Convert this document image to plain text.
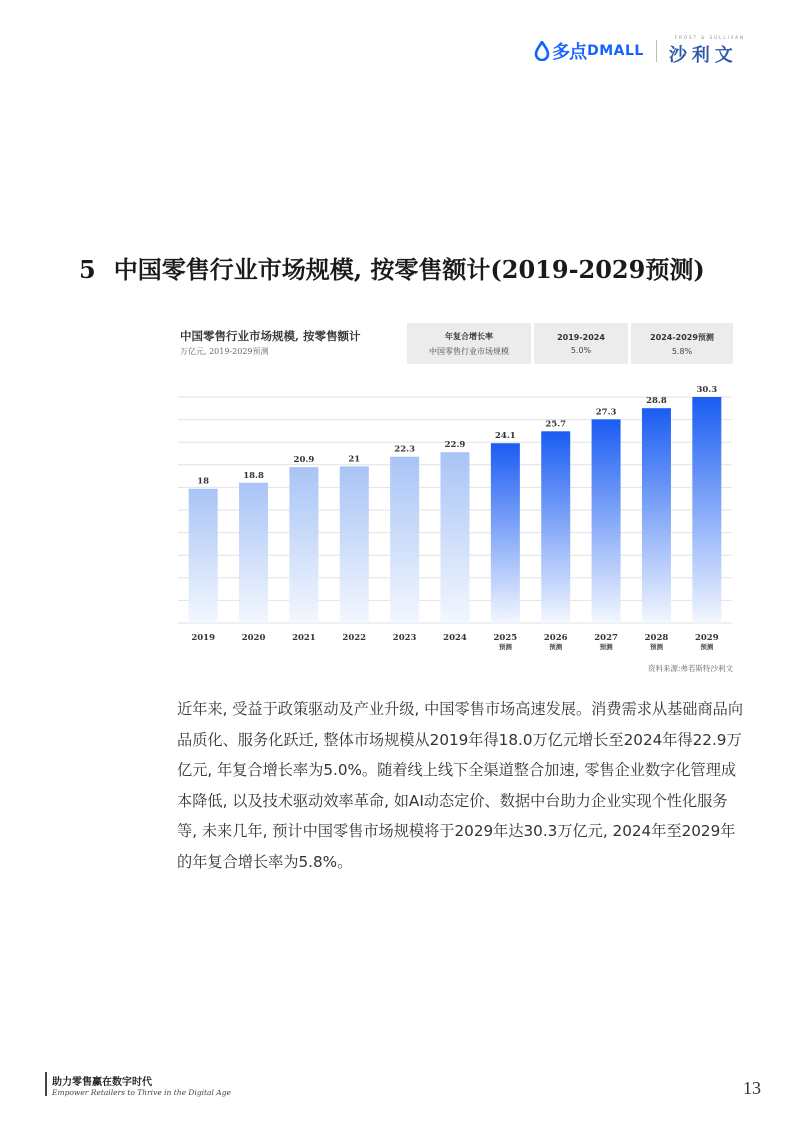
多点 DMALL
FROST & SULLIVAN
沙利文
5 中国零售行业市场规模, 按零售额计(2019-2029预测)
中国零售行业市场规模, 按零售额计
万亿元, 2019-2029预测
年复合增长率
中国零售行业市场规模
2019-2024
5.0%
2024-2029预测
5.8%
18
2019
18.8
2020
20.9
2021
21
2022
22.3
2023
22.9
2024
24.1
2025
预测
25.7
2026
预测
27.3
2027
预测
28.8
2028
预测
30.3
2029
预测
资料来源:弗若斯特沙利文

近年来, 受益于政策驱动及产业升级, 中国零售市场高速发展。消费需求从基础商品向品质化、服务化跃迁, 整体市场规模从2019年得18.0万亿元增长至2024年得22.9万亿元, 年复合增长率为5.0%。随着线上线下全渠道整合加速, 零售企业数字化管理成本降低, 以及技术驱动效率革命, 如AI动态定价、数据中台助力企业实现个性化服务等, 未来几年, 预计中国零售市场规模将于2029年达30.3万亿元, 2024年至2029年的年复合增长率为5.8%。

助力零售赢在数字时代
Empower Retailers to Thrive in the Digital Age	13
